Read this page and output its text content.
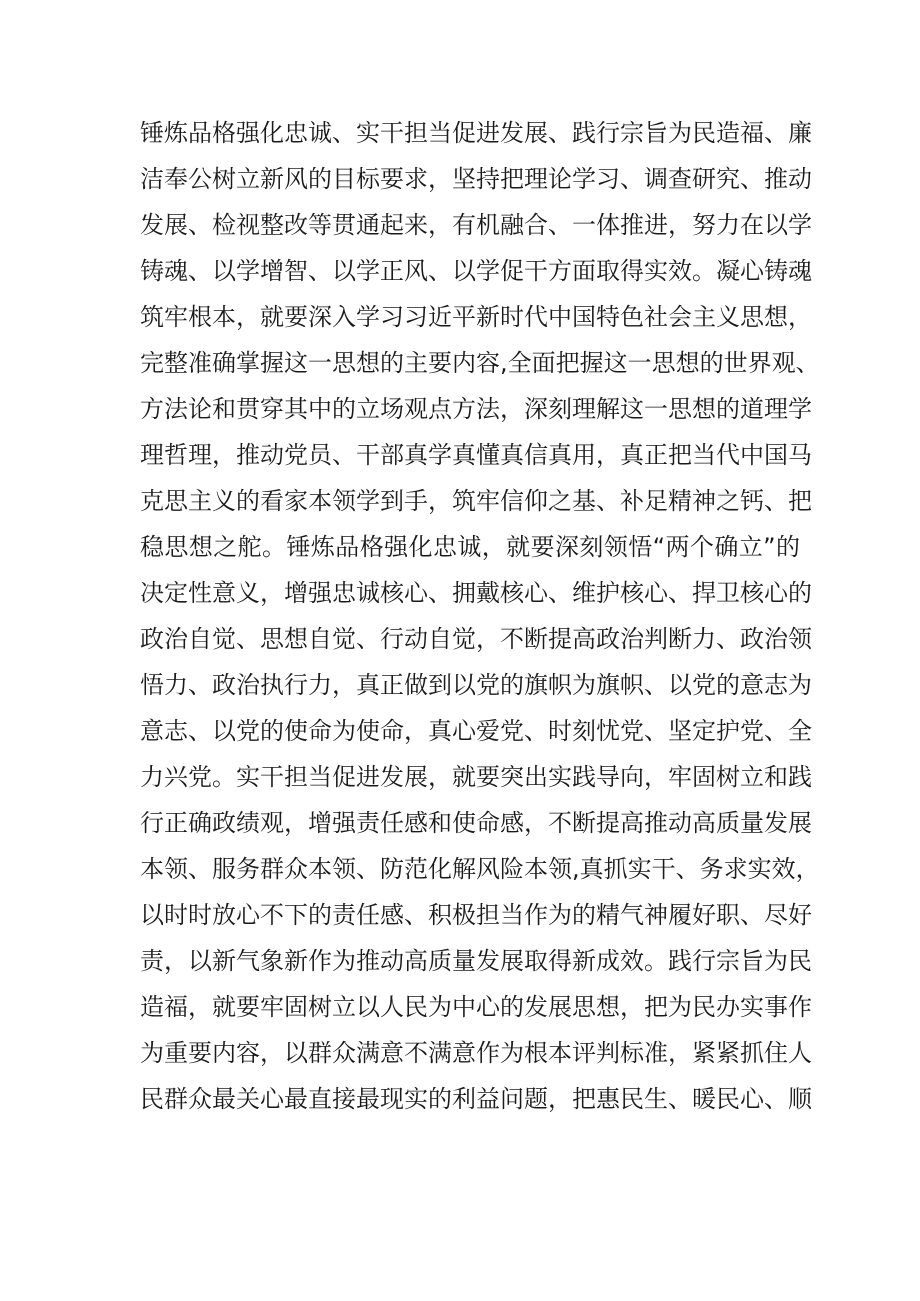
锤炼品格强化忠诚、实干担当促进发展、践行宗旨为民造福、廉
洁奉公树立新风的目标要求，坚持把理论学习、调查研究、推动
发展、检视整改等贯通起来，有机融合、一体推进，努力在以学
铸魂、以学增智、以学正风、以学促干方面取得实效。凝心铸魂
筑牢根本，就要深入学习习近平新时代中国特色社会主义思想，
完整准确掌握这一思想的主要内容,全面把握这一思想的世界观、
方法论和贯穿其中的立场观点方法，深刻理解这一思想的道理学
理哲理，推动党员、干部真学真懂真信真用，真正把当代中国马
克思主义的看家本领学到手，筑牢信仰之基、补足精神之钙、把
稳思想之舵。锤炼品格强化忠诚，就要深刻领悟“两个确立”的
决定性意义，增强忠诚核心、拥戴核心、维护核心、捍卫核心的
政治自觉、思想自觉、行动自觉，不断提高政治判断力、政治领
悟力、政治执行力，真正做到以党的旗帜为旗帜、以党的意志为
意志、以党的使命为使命，真心爱党、时刻忧党、坚定护党、全
力兴党。实干担当促进发展，就要突出实践导向，牢固树立和践
行正确政绩观，增强责任感和使命感，不断提高推动高质量发展
本领、服务群众本领、防范化解风险本领,真抓实干、务求实效，
以时时放心不下的责任感、积极担当作为的精气神履好职、尽好
责，以新气象新作为推动高质量发展取得新成效。践行宗旨为民
造福，就要牢固树立以人民为中心的发展思想，把为民办实事作
为重要内容，以群众满意不满意作为根本评判标准，紧紧抓住人
民群众最关心最直接最现实的利益问题，把惠民生、暖民心、顺
